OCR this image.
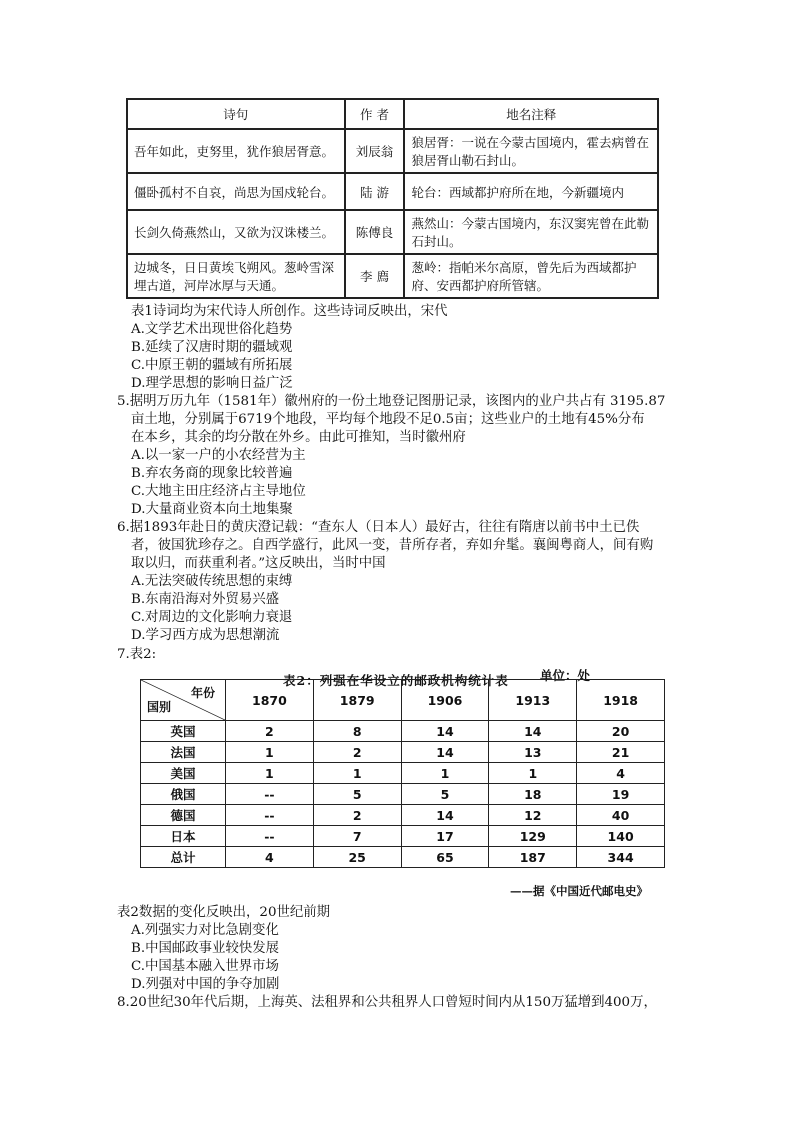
诗句	作 者	地名注释
吾年如此，吏努里，犹作狼居胥意。	刘辰翁	狼居胥：一说在今蒙古国境内，霍去病曾在狼居胥山勒石封山。
僵卧孤村不自哀，尚思为国戍轮台。	陆 游	轮台：西域都护府所在地，今新疆境内
长剑久倚燕然山，又欲为汉诛楼兰。	陈傅良	燕然山：今蒙古国境内，东汉窦宪曾在此勒石封山。
边城冬，日日黄埃飞朔风。葱岭雪深埋古道，河岸冰厚与天通。	李 廌	葱岭：指帕米尔高原，曾先后为西域都护府、安西都护府所管辖。
表1诗词均为宋代诗人所创作。这些诗词反映出，宋代
A.文学艺术出现世俗化趋势
B.延续了汉唐时期的疆域观
C.中原王朝的疆域有所拓展
D.理学思想的影响日益广泛
5.据明万历九年（1581年）徽州府的一份土地登记图册记录，该图内的业户共占有 3195.87
亩土地，分别属于6719个地段，平均每个地段不足0.5亩；这些业户的土地有45%分布
在本乡，其余的均分散在外乡。由此可推知，当时徽州府
A.以一家一户的小农经营为主
B.弃农务商的现象比较普遍
C.大地主田庄经济占主导地位
D.大量商业资本向土地集聚
6.据1893年赴日的黄庆澄记载：“查东人（日本人）最好古，往往有隋唐以前书中土已佚
者，彼国犹珍存之。自西学盛行，此风一变，昔所存者，弃如弁髦。襄闽粤商人，间有购
取以归，而获重利者。”这反映出，当时中国
A.无法突破传统思想的束缚
B.东南沿海对外贸易兴盛
C.对周边的文化影响力衰退
D.学习西方成为思想潮流
7.表2:
表2：列强在华设立的邮政机构统计表	单位：处
年份
国别	1870	1879	1906	1913	1918
英国	2	8	14	14	20
法国	1	2	14	13	21
美国	1	1	1	1	4
俄国	--	5	5	18	19
德国	--	2	14	12	40
日本	--	7	17	129	140
总计	4	25	65	187	344
——据《中国近代邮电史》
表2数据的变化反映出，20世纪前期
A.列强实力对比急剧变化
B.中国邮政事业较快发展
C.中国基本融入世界市场
D.列强对中国的争夺加剧
8.20世纪30年代后期，上海英、法租界和公共租界人口曾短时间内从150万猛增到400万，
